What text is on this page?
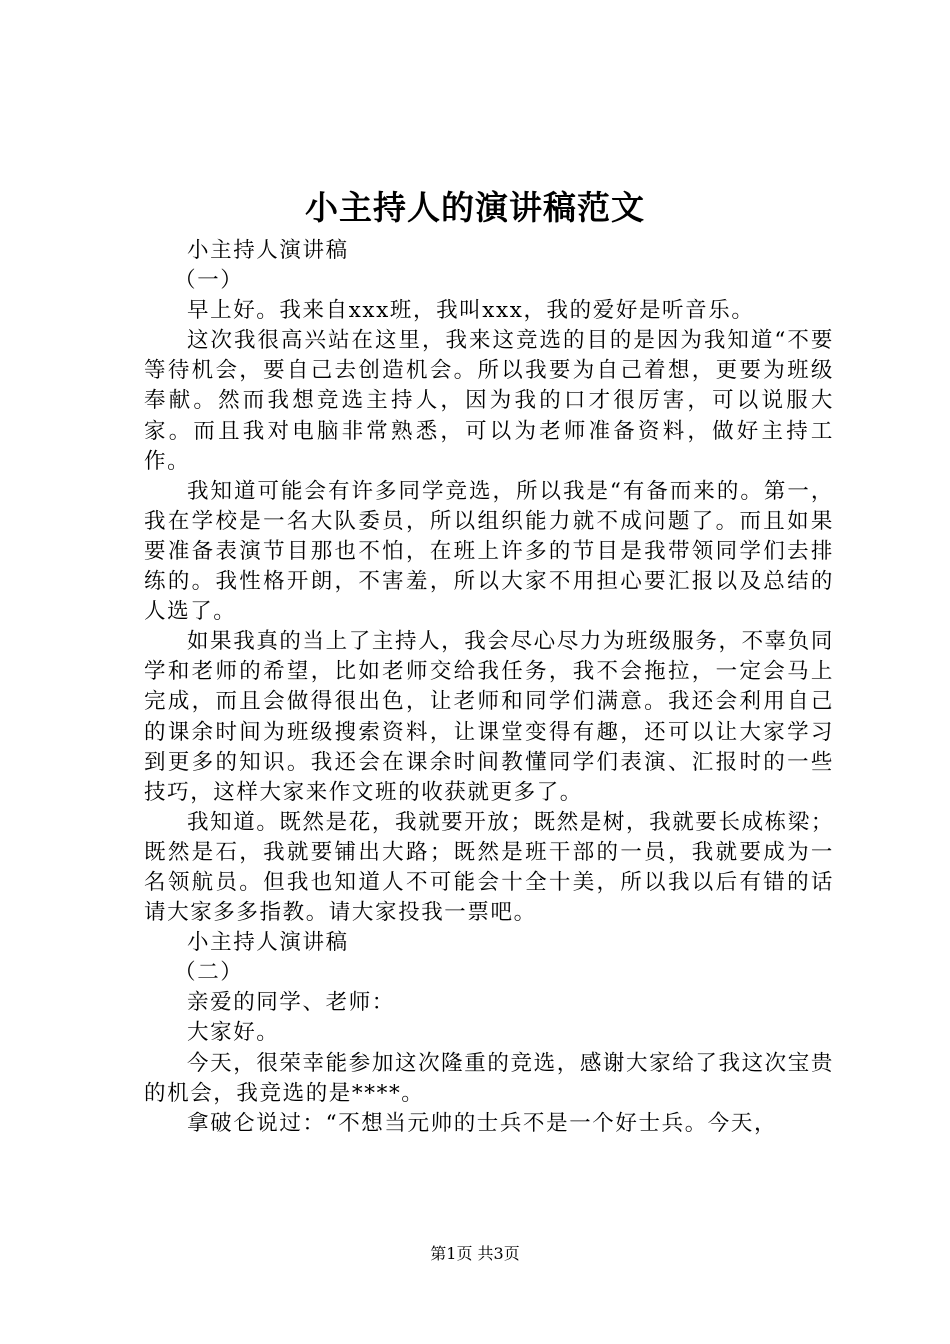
小主持人的演讲稿范文

小主持人演讲稿

（一）

早上好。我来自xxx班，我叫xxx，我的爱好是听音乐。

这次我很高兴站在这里，我来这竞选的目的是因为我知道“不要等待机会，要自己去创造机会。所以我要为自己着想，更要为班级奉献。然而我想竞选主持人，因为我的口才很厉害，可以说服大家。而且我对电脑非常熟悉，可以为老师准备资料，做好主持工作。

我知道可能会有许多同学竞选，所以我是“有备而来的。第一，我在学校是一名大队委员，所以组织能力就不成问题了。而且如果要准备表演节目那也不怕，在班上许多的节目是我带领同学们去排练的。我性格开朗，不害羞，所以大家不用担心要汇报以及总结的人选了。

如果我真的当上了主持人，我会尽心尽力为班级服务，不辜负同学和老师的希望，比如老师交给我任务，我不会拖拉，一定会马上完成，而且会做得很出色，让老师和同学们满意。我还会利用自己的课余时间为班级搜索资料，让课堂变得有趣，还可以让大家学习到更多的知识。我还会在课余时间教懂同学们表演、汇报时的一些技巧，这样大家来作文班的收获就更多了。

我知道。既然是花，我就要开放；既然是树，我就要长成栋梁；既然是石，我就要铺出大路；既然是班干部的一员，我就要成为一名领航员。但我也知道人不可能会十全十美，所以我以后有错的话请大家多多指教。请大家投我一票吧。

小主持人演讲稿

（二）

亲爱的同学、老师：

大家好。

今天，很荣幸能参加这次隆重的竞选，感谢大家给了我这次宝贵的机会，我竞选的是****。

拿破仑说过：“不想当元帅的士兵不是一个好士兵。今天，

第1页 共3页
